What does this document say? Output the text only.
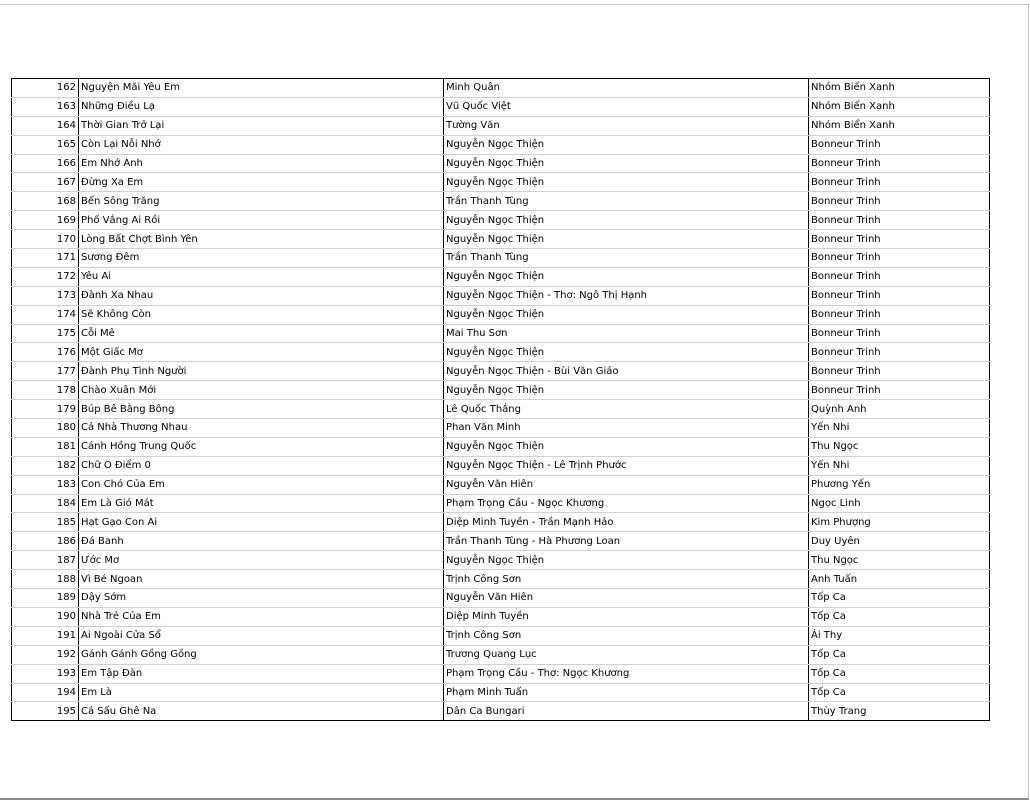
162	Nguyện Mãi Yêu Em	Minh Quân	Nhóm Biển Xanh
163	Những Điều Lạ	Vũ Quốc Việt	Nhóm Biển Xanh
164	Thời Gian Trở Lại	Tường Văn	Nhóm Biển Xanh
165	Còn Lại Nỗi Nhớ	Nguyễn Ngọc Thiện	Bonneur Trinh
166	Em Nhớ Anh	Nguyễn Ngọc Thiện	Bonneur Trinh
167	Đừng Xa Em	Nguyễn Ngọc Thiện	Bonneur Trinh
168	Bến Sông Trăng	Trần Thanh Tùng	Bonneur Trinh
169	Phố Vắng Ai Rồi	Nguyễn Ngọc Thiện	Bonneur Trinh
170	Lòng Bất Chợt Bình Yên	Nguyễn Ngọc Thiện	Bonneur Trinh
171	Sương Đêm	Trần Thanh Tùng	Bonneur Trinh
172	Yêu Ai	Nguyễn Ngọc Thiện	Bonneur Trinh
173	Đành Xa Nhau	Nguyễn Ngọc Thiện - Thơ: Ngô Thị Hạnh	Bonneur Trinh
174	Sẽ Không Còn	Nguyễn Ngọc Thiện	Bonneur Trinh
175	Cỗi Mê	Mai Thu Sơn	Bonneur Trinh
176	Một Giấc Mơ	Nguyễn Ngọc Thiện	Bonneur Trinh
177	Đành Phụ Tình Người	Nguyễn Ngọc Thiện - Bùi Văn Giáo	Bonneur Trinh
178	Chào Xuân Mới	Nguyễn Ngọc Thiện	Bonneur Trinh
179	Búp Bê Bằng Bông	Lê Quốc Thắng	Quỳnh Anh
180	Cả Nhà Thương Nhau	Phan Văn Minh	Yến Nhi
181	Cánh Hồng Trung Quốc	Nguyễn Ngọc Thiện	Thu Ngọc
182	Chữ O Điểm 0	Nguyễn Ngọc Thiện - Lê Trịnh Phước	Yến Nhi
183	Con Chó Của Em	Nguyễn Văn Hiên	Phương Yến
184	Em Là Gió Mát	Phạm Trọng Cầu - Ngọc Khương	Ngọc Linh
185	Hạt Gạo Con Ai	Diệp Minh Tuyền - Trần Mạnh Hảo	Kim Phượng
186	Đá Banh	Trần Thanh Tùng - Hà Phương Loan	Duy Uyên
187	Ước Mơ	Nguyễn Ngọc Thiện	Thu Ngọc
188	Vì Bé Ngoan	Trịnh Công Sơn	Anh Tuấn
189	Dậy Sớm	Nguyễn Văn Hiên	Tốp Ca
190	Nhà Trẻ Của Em	Diệp Minh Tuyền	Tốp Ca
191	Ai Ngoài Cửa Sổ	Trịnh Công Sơn	Ái Thy
192	Gánh Gánh Gồng Gồng	Trương Quang Lục	Tốp Ca
193	Em Tập Đàn	Phạm Trọng Cầu - Thơ: Ngọc Khương	Tốp Ca
194	Em Là	Phạm Minh Tuấn	Tốp Ca
195	Cá Sấu Ghê Na	Dân Ca Bungari	Thùy Trang
